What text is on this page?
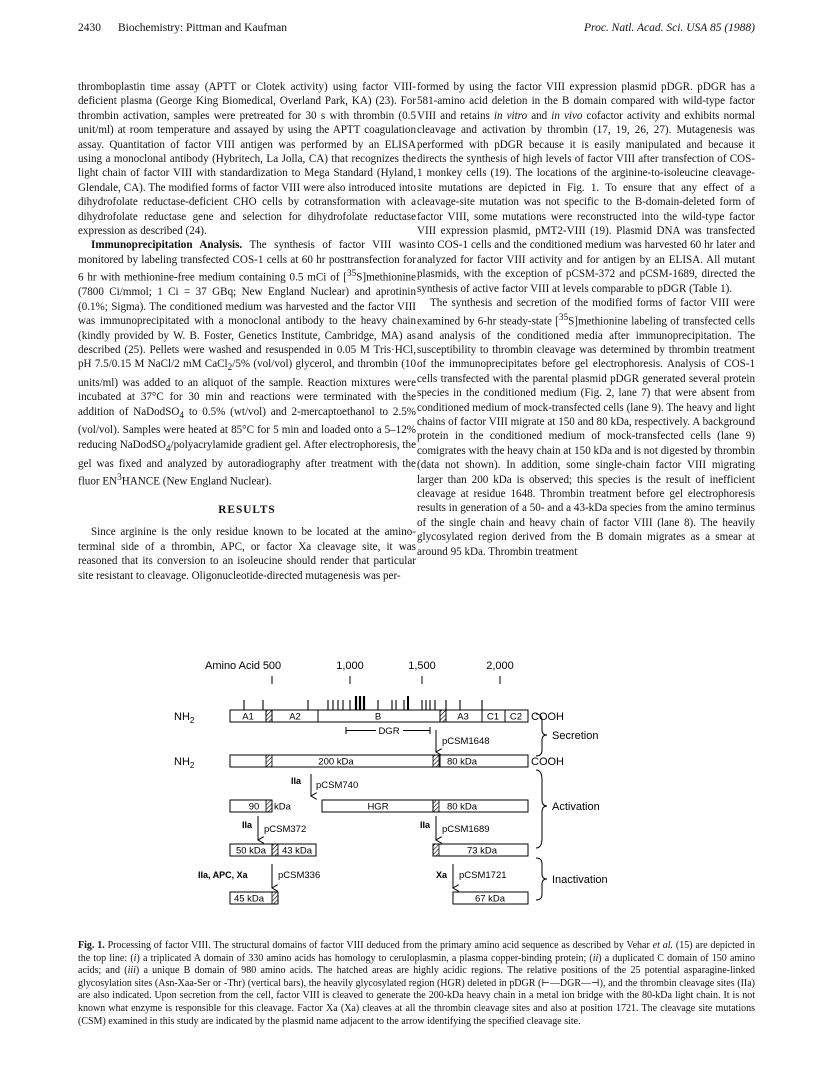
2430 Biochemistry: Pittman and Kaufman	Proc. Natl. Acad. Sci. USA 85 (1988)

thromboplastin time assay (APTT or Clotek activity) using factor VIII-deficient plasma (George King Biomedical, Overland Park, KA) (23). For thrombin activation, samples were pretreated for 30 s with thrombin (0.5 unit/ml) at room temperature and assayed by using the APTT coagulation assay. Quantitation of factor VIII antigen was performed by an ELISA using a monoclonal antibody (Hybritech, La Jolla, CA) that recognizes the light chain of factor VIII with standardization to Mega Standard (Hyland, Glendale, CA). The modified forms of factor VIII were also introduced into dihydrofolate reductase-deficient CHO cells by cotransformation with a dihydrofolate reductase gene and selection for dihydrofolate reductase expression as described (24).

Immunoprecipitation Analysis. The synthesis of factor VIII was monitored by labeling transfected COS-1 cells at 60 hr posttransfection for 6 hr with methionine-free medium containing 0.5 mCi of [$^{35}$S]methionine (7800 Ci/mmol; 1 Ci = 37 GBq; New England Nuclear) and aprotinin (0.1%; Sigma). The conditioned medium was harvested and the factor VIII was immunoprecipitated with a monoclonal antibody to the heavy chain (kindly provided by W. B. Foster, Genetics Institute, Cambridge, MA) as described (25). Pellets were washed and resuspended in 0.05 M Tris·HCl, pH 7.5/0.15 M NaCl/2 mM CaCl$_2$/5% (vol/vol) glycerol, and thrombin (10 units/ml) was added to an aliquot of the sample. Reaction mixtures were incubated at 37°C for 30 min and reactions were terminated with the addition of NaDodSO$_4$ to 0.5% (wt/vol) and 2-mercaptoethanol to 2.5% (vol/vol). Samples were heated at 85°C for 5 min and loaded onto a 5–12% reducing NaDodSO$_4$/polyacrylamide gradient gel. After electrophoresis, the gel was fixed and analyzed by autoradiography after treatment with the fluor $EN^3HANCE$ (New England Nuclear).

RESULTS

Since arginine is the only residue known to be located at the amino-terminal side of a thrombin, APC, or factor Xa cleavage site, it was reasoned that its conversion to an isoleucine should render that particular site resistant to cleavage. Oligonucleotide-directed mutagenesis was per-

formed by using the factor VIII expression plasmid pDGR. pDGR has a 581-amino acid deletion in the B domain compared with wild-type factor VIII and retains in vitro and in vivo cofactor activity and exhibits normal cleavage and activation by thrombin (17, 19, 26, 27). Mutagenesis was performed with pDGR because it is easily manipulated and because it directs the synthesis of high levels of factor VIII after transfection of COS-1 monkey cells (19). The locations of the arginine-to-isoleucine cleavage-site mutations are depicted in Fig. 1. To ensure that any effect of a cleavage-site mutation was not specific to the B-domain-deleted form of factor VIII, some mutations were reconstructed into the wild-type factor VIII expression plasmid, pMT2-VIII (19). Plasmid DNA was transfected into COS-1 cells and the conditioned medium was harvested 60 hr later and analyzed for factor VIII activity and for antigen by an ELISA. All mutant plasmids, with the exception of pCSM-372 and pCSM-1689, directed the synthesis of active factor VIII at levels comparable to pDGR (Table 1).

The synthesis and secretion of the modified forms of factor VIII were examined by 6-hr steady-state [$^{35}$S]methionine labeling of transfected cells and analysis of the conditioned media after immunoprecipitation. The susceptibility to thrombin cleavage was determined by thrombin treatment of the immunoprecipitates before gel electrophoresis. Analysis of COS-1 cells transfected with the parental plasmid pDGR generated several protein species in the conditioned medium (Fig. 2, lane 7) that were absent from conditioned medium of mock-transfected cells (lane 9). The heavy and light chains of factor VIII migrate at 150 and 80 kDa, respectively. A background protein in the conditioned medium of mock-transfected cells (lane 9) comigrates with the heavy chain at 150 kDa and is not digested by thrombin (data not shown). In addition, some single-chain factor VIII migrating larger than 200 kDa is observed; this species is the result of inefficient cleavage at residue 1648. Thrombin treatment before gel electrophoresis results in generation of a 50- and a 43-kDa species from the amino terminus of the single chain and heavy chain of factor VIII (lane 8). The heavily glycosylated region derived from the B domain migrates as a smear at around 95 kDa. Thrombin treatment

Amino Acid 500	1,000	1,500	2,000
$NH_2$	A1	A2	B	A3 C1 C2 COOH
DGR
pCSM1648	Secretion
$NH_2$	200 kDa	80 kDa	COOH
IIa pCSM740
90 kDa	HGR	80 kDa	Activation
IIa pCSM372	IIa pCSM1689
50 kDa 43 kDa	73 kDa
IIa, APC, Xa	pCSM336	Xa pCSM1721	Inactivation
45 kDa	67 kDa
Fig. 1. Processing of factor VIII. The structural domains of factor VIII deduced from the primary amino acid sequence as described by Vehar et al. (15) are depicted in the top line: (i) a triplicated A domain of 330 amino acids has homology to ceruloplasmin, a plasma copper-binding protein; (ii) a duplicated C domain of 150 amino acids; and (iii) a unique B domain of 980 amino acids. The hatched areas are highly acidic regions. The relative positions of the 25 potential asparagine-linked glycosylation sites (Asn-Xaa-Ser or -Thr) (vertical bars), the heavily glycosylated region (HGR) deleted in pDGR (⊢—DGR—⊣), and the thrombin cleavage sites (IIa) are also indicated. Upon secretion from the cell, factor VIII is cleaved to generate the 200-kDa heavy chain in a metal ion bridge with the 80-kDa light chain. It is not known what enzyme is responsible for this cleavage. Factor Xa (Xa) cleaves at all the thrombin cleavage sites and also at position 1721. The cleavage site mutations (CSM) examined in this study are indicated by the plasmid name adjacent to the arrow identifying the specified cleavage site.
